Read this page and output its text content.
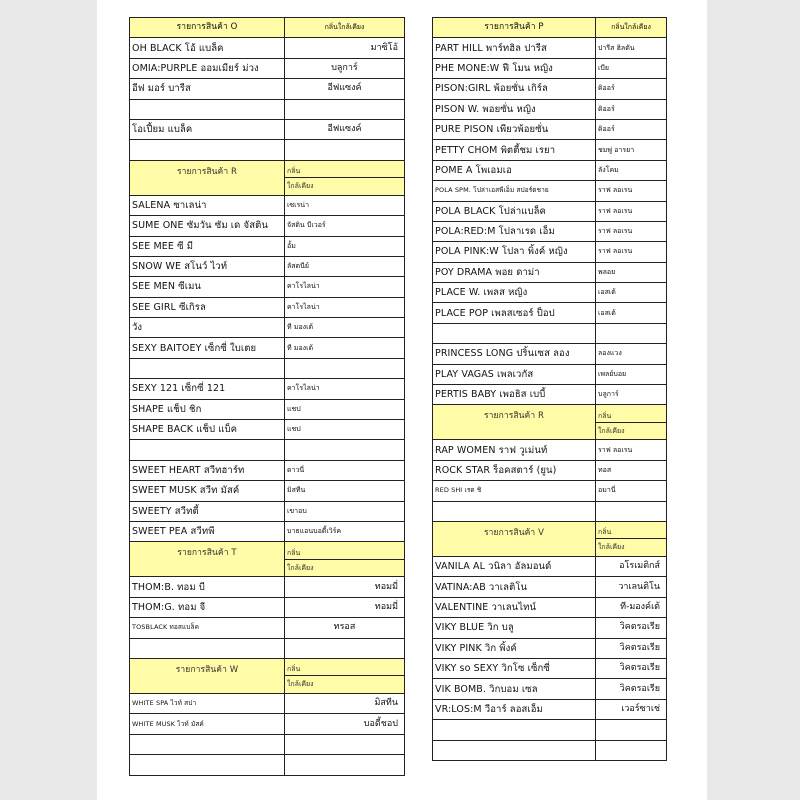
รายการสินค้า O	กลิ่นใกล้เคียง
OH BLACK โอ้ แบล็ค	มาซิโอ้
OMIA:PURPLE ออมเมียร์ ม่วง	บลูการ์
อีฟ มอร์ บารีส	อีฟแซงค์

โอเปี้ยม แบล็ค	อีฟแซงค์

รายการสินค้า R	กลิ่น
	ใกล้เคียง
SALENA ซาเลน่า	เซเรน่า
SUME ONE ซัมวัน ซัม เด จัสติน	จัสติน บีเวอร์
SEE MEE ซี มี	อั้ม
SNOW WE สโนว์ ไวท์	ลัสตนีย์
SEE MEN ซีเมน	คาโรไลน่า
SEE GIRL ซีเกิรล	คาโรไลน่า
วัง	ที มองเต้
SEXY BAITOEY เซ็กซี่ ใบเตย	ที มองเต้

SEXY 121 เซ็กซี่ 121	คาโรไลน่า
SHAPE แช็ป ชิก	แชป
SHAPE BACK แช็ป แบ็ค	แชป

SWEET HEART สวีทฮาร์ท	ดาวนี่
SWEET MUSK สวีท มัสค์	มิสทีน
SWEETY สวีทตี้	เขาอบ
SWEET PEA สวีทพี	บาธแอนบอดี้เวิร์ค
รายการสินค้า T	กลิ่น
	ใกล้เคียง
THOM:B. ทอม บี	ทอมมี่
THOM:G. ทอม จี	ทอมมี่
TOSBLACK ทอสแบล็ค	ทรอส

รายการสินค้า W	กลิ่น
	ใกล้เคียง
WHITE SPA ไวท์ สปา	มิสทีน
WHITE MUSK ไวท์ มัสค์	บอดี้ชอป

รายการสินค้า P	กลิ่นใกล้เคียง
PART HILL พาร์ทฮิล ปารีส	ปารีส ฮิลตัน
PHE MONE:W ฟี โมน หญิง	เบีย
PISON:GIRL พ้อยซั่น เกิร์ล	ดิออร์
PISON W. พอยซั่น หญิง	ดิออร์
PURE PISON เพียวพ้อยซั่น	ดิออร์
PETTY CHOM พิตตี้ชม เรยา	ชมพู่ อารยา
POME A โพเอมเอ	ลังโคม
POLA SPM. โปล่าเอสพีเอ็ม สปอร์ตชาย	ราฟ ลอเรน
POLA BLACK โปล่าแบล็ค	ราฟ ลอเรน
POLA:RED:M โปลาเรด เอ็ม	ราฟ ลอเรน
POLA PINK:W โปลา พิ้งค์ หญิง	ราฟ ลอเรน
POY DRAMA พอย ดาม่า	พลอย
PLACE W. เพลส หญิง	เอสเต้
PLACE POP เพลสเซอร์ ป็อป	เอสเต้

PRINCESS LONG ปริ้นเซส ลอง	ลองแวง
PLAY VAGAS เพลเวกัส	เพลย์บอย
PERTIS BABY เพอธิส เบบี้	บลูการ์
รายการสินค้า R	กลิ่น
	ใกล้เคียง
RAP WOMEN ราฟ วูเม่นท์	ราฟ ลอเรน
ROCK STAR ร็อคสตาร์ (ยูน)	ทอส
RED SHI เรด ชิ	อมานี่

รายการสินค้า V	กลิ่น
	ใกล้เคียง
VANILA AL วนิลา อัลมอนด์	อโรเมติกส์
VATINA:AB วาเลติโน	วาเลนติโน
VALENTINE วาเลนไทน์	ที-มองค์เต้
VIKY BLUE วิก บลู	วิคตรอเรีย
VIKY PINK วิก พิ้งค์	วิคตรอเรีย
VIKY so SEXY วิกโซ เซ็กซี่	วิคตรอเรีย
VIK BOMB. วิกบอม เซล	วิคตรอเรีย
VR:LOS:M วีอาร์ ลอสเอ็ม	เวอร์ซาเช่
